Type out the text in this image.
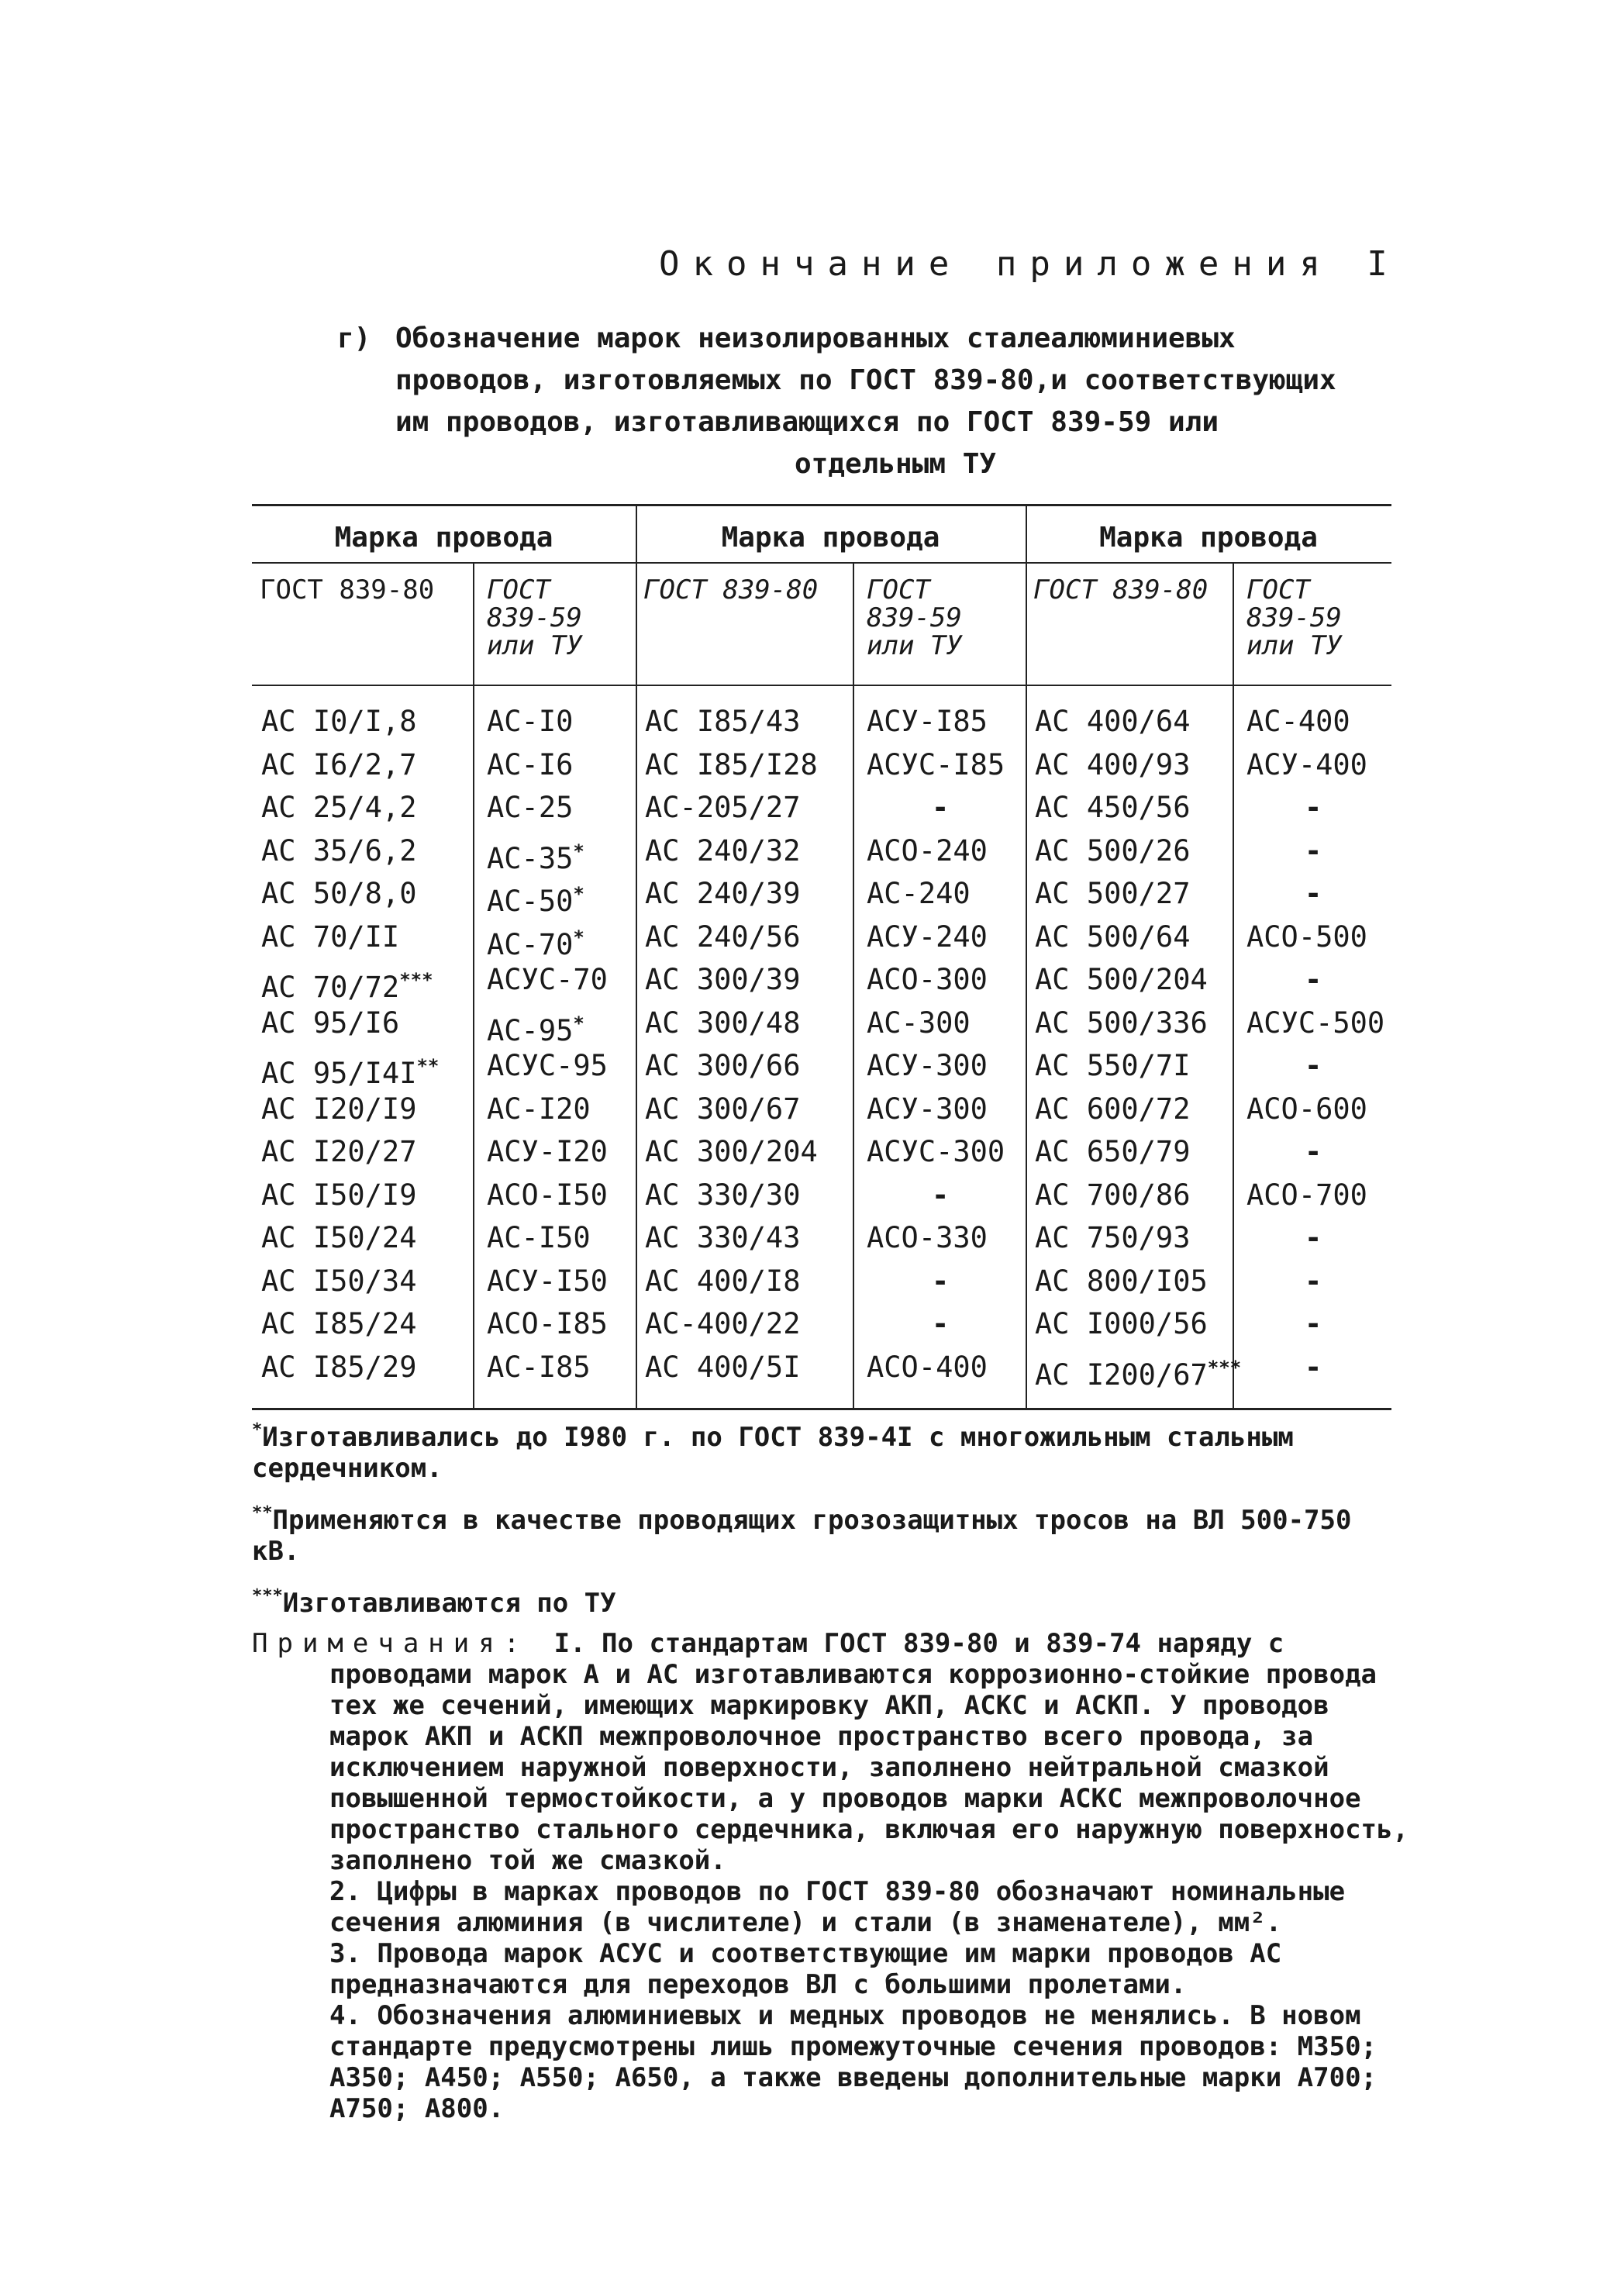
Окончание приложения I
г) Обозначение марок неизолированных сталеалюминиевых
проводов, изготовляемых по ГОСТ 839-80,и соответствующих
им проводов, изготавливающихся по ГОСТ 839-59 или
отдельным ТУ
Марка провода
ГОСТ 839-80 ГОСТ
839-59
или ТУ
АС I0/I,8 АС-I0
АС I6/2,7 АС-I6
АС 25/4,2 АС-25
АС 35/6,2 АС-35*
АС 50/8,0 АС-50*
АС 70/II	АС-70*
АС 70/72*** АСУС-70
АС 95/I6	АС-95*
АС 95/I4I** АСУС-95
АС I20/I9 АС-I20
АС I20/27 АСУ-I20
АС I50/I9 АСО-I50
АС I50/24 АС-I50
АС I50/34 АСУ-I50
АС I85/24 АСО-I85
АС I85/29 АС-I85
Марка провода
ГОСТ 839-80 ГОСТ
839-59
или ТУ
АС I85/43 АСУ-I85
АС I85/I28 АСУС-I85
АС-205/27	-
АС 240/32 АСО-240
АС 240/39 АС-240
АС 240/56 АСУ-240
АС 300/39 АСО-300
АС 300/48 АС-300
АС 300/66 АСУ-300
АС 300/67 АСУ-300
АС 300/204 АСУС-300
АС 330/30	-
АС 330/43 АСО-330
АС 400/I8	-
АС-400/22	-
АС 400/5I АСО-400
Марка провода
ГОСТ 839-80 ГОСТ
839-59
или ТУ
АС 400/64 АС-400
АС 400/93 АСУ-400
АС 450/56	-
АС 500/26	-
АС 500/27	-
АС 500/64 АСО-500
АС 500/204	-
АС 500/336 АСУС-500
АС 550/7I	-
АС 600/72 АСО-600
АС 650/79	-
АС 700/86 АСО-700
АС 750/93	-
АС 800/I05	-
АС I000/56	-
АС I200/67*** -
*Изготавливались до I980 г. по ГОСТ 839-4I с многожильным стальным сердечником.
**Применяются в качестве проводящих грозозащитных тросов на ВЛ 500-750 кВ.
***Изготавливаются по ТУ
Примечания: I. По стандартам ГОСТ 839-80 и 839-74 наряду с проводами марок А и АС изготавливаются коррозионно-стойкие провода тех же сечений, имеющих маркировку АКП, АСКС и АСКП. У проводов марок АКП и АСКП межпроволочное пространство всего провода, за исключением наружной поверхности, заполнено нейтральной смазкой повышенной термостойкости, а у проводов марки АСКС межпроволочное пространство стального сердечника, включая его наружную поверхность, заполнено той же смазкой.
2. Цифры в марках проводов по ГОСТ 839-80 обозначают номинальные сечения алюминия (в числителе) и стали (в знаменателе), мм².
3. Провода марок АСУС и соответствующие им марки проводов АС предназначаются для переходов ВЛ с большими пролетами.
4. Обозначения алюминиевых и медных проводов не менялись. В новом стандарте предусмотрены лишь промежуточные сечения проводов: М350; А350; А450; А550; А650, а также введены дополнительные марки А700; А750; А800.
